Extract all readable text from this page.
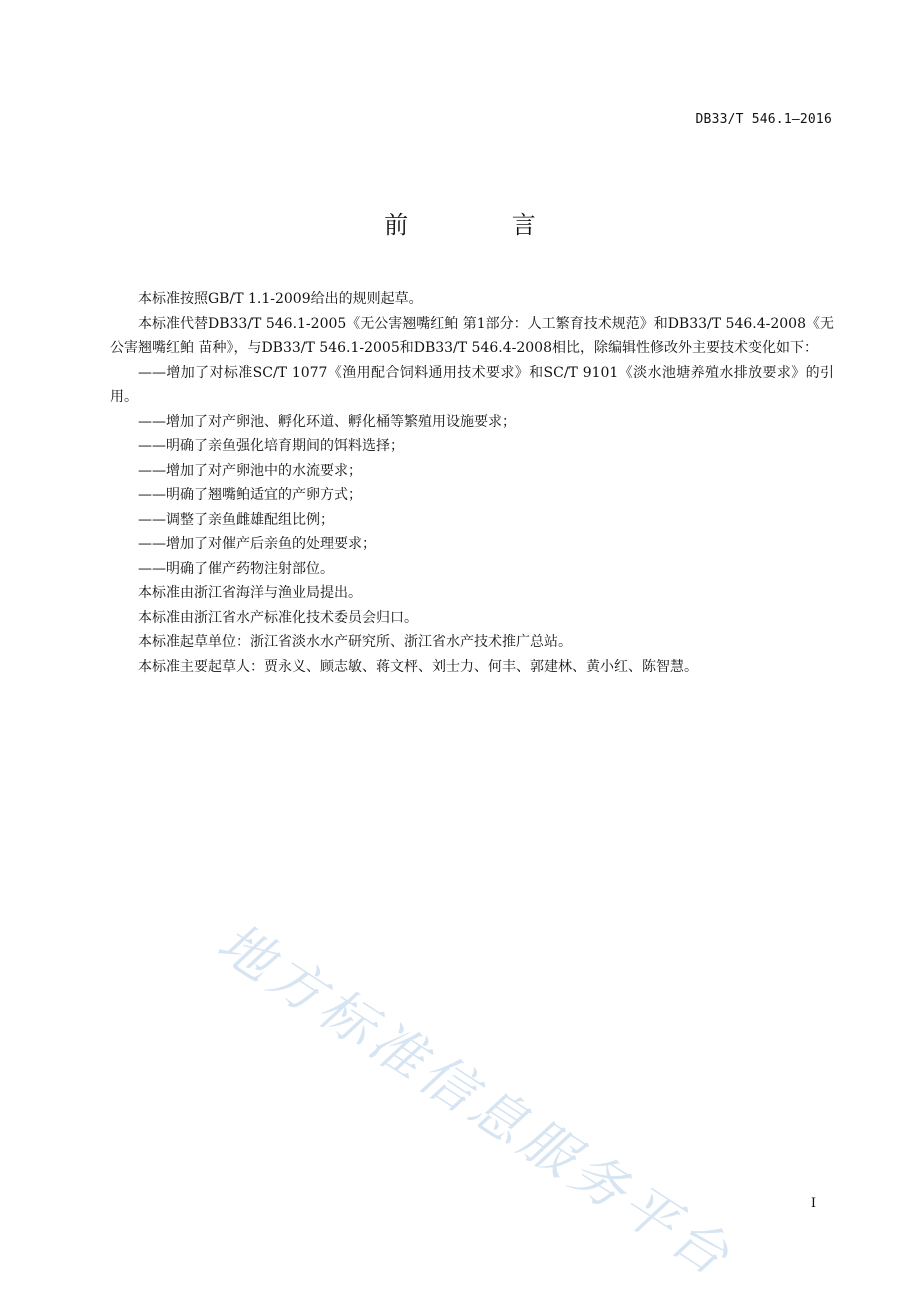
DB33/T 546.1—2016
前 言

本标准按照GB/T 1.1-2009给出的规则起草。

本标准代替DB33/T 546.1-2005《无公害翘嘴红鲌 第1部分：人工繁育技术规范》和DB33/T 546.4-2008《无公害翘嘴红鲌 苗种》，与DB33/T 546.1-2005和DB33/T 546.4-2008相比，除编辑性修改外主要技术变化如下：

——增加了对标准SC/T 1077《渔用配合饲料通用技术要求》和SC/T 9101《淡水池塘养殖水排放要求》的引用。

——增加了对产卵池、孵化环道、孵化桶等繁殖用设施要求；

——明确了亲鱼强化培育期间的饵料选择；

——增加了对产卵池中的水流要求；

——明确了翘嘴鲌适宜的产卵方式；

——调整了亲鱼雌雄配组比例；

——增加了对催产后亲鱼的处理要求；

——明确了催产药物注射部位。

本标准由浙江省海洋与渔业局提出。

本标准由浙江省水产标准化技术委员会归口。

本标准起草单位：浙江省淡水水产研究所、浙江省水产技术推广总站。

本标准主要起草人：贾永义、顾志敏、蒋文枰、刘士力、何丰、郭建林、黄小红、陈智慧。

地方标准信息服务平台	I
